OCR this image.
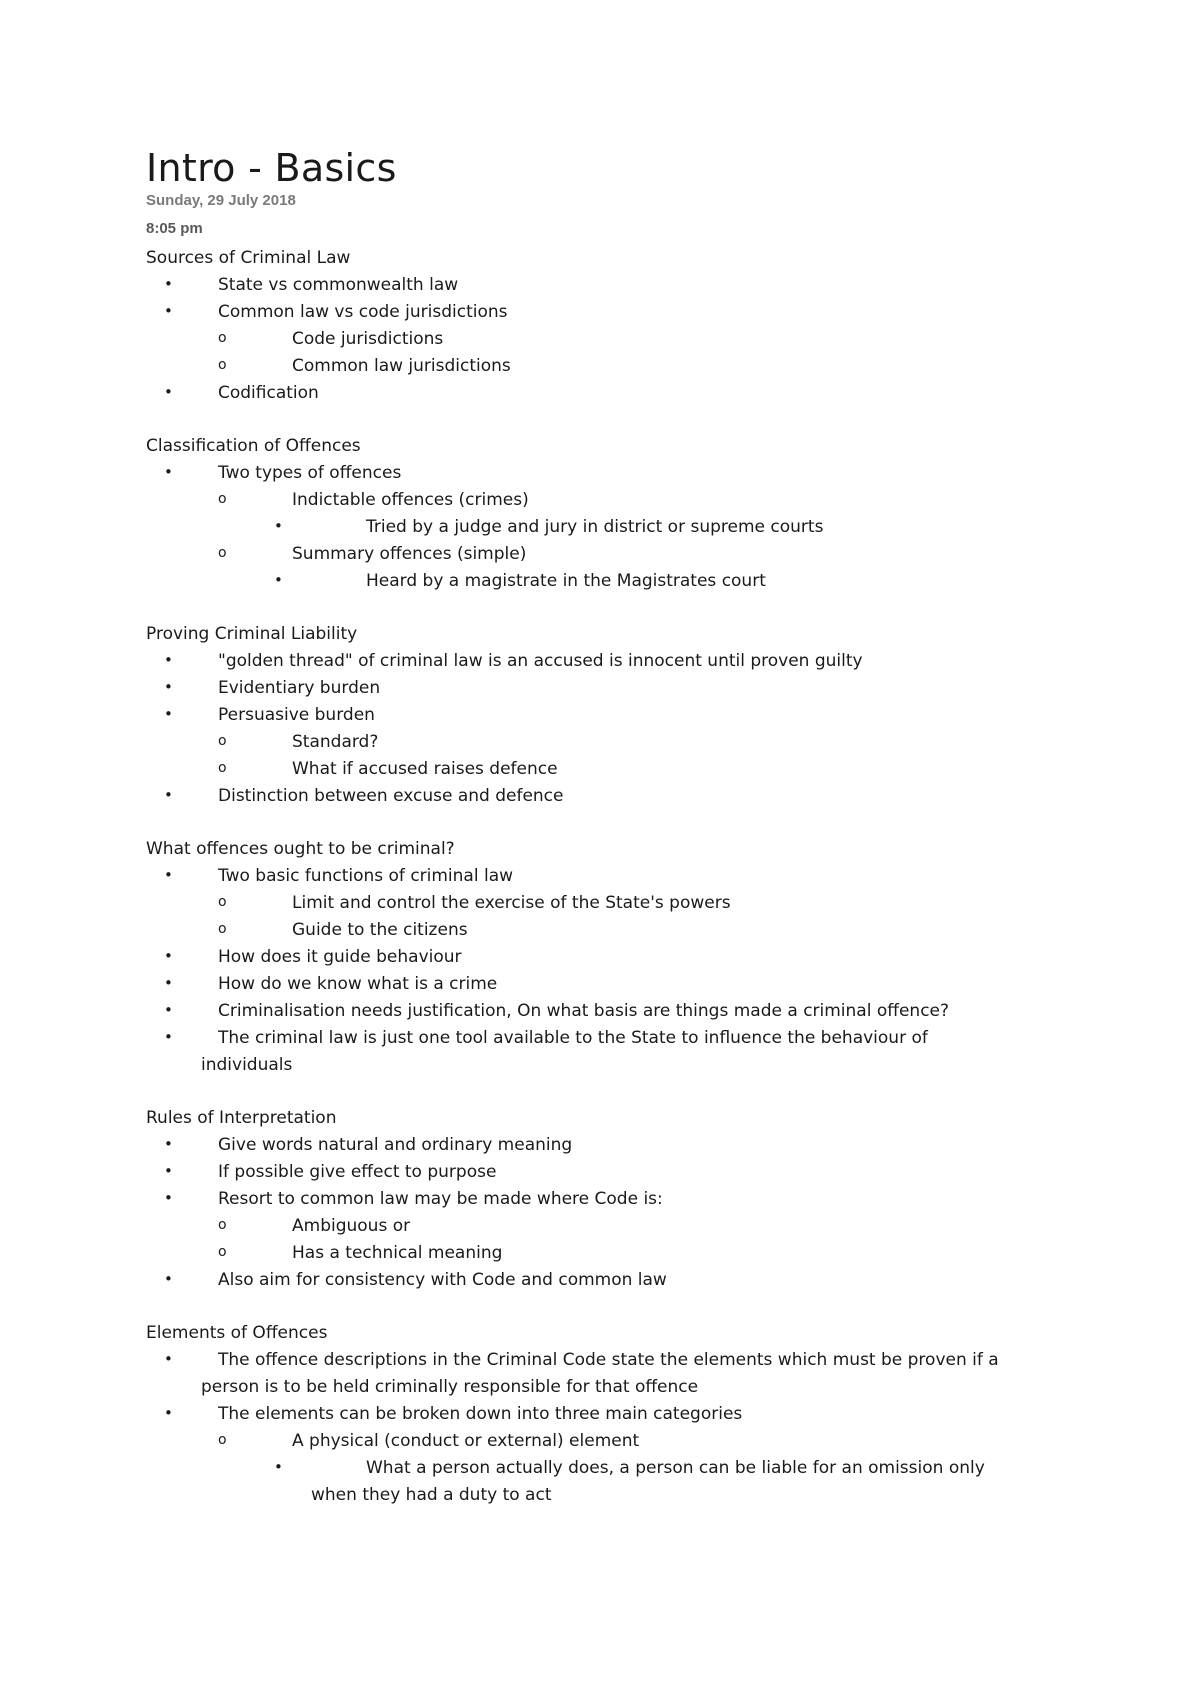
Intro - Basics
Sunday, 29 July 2018
8:05 pm
Sources of Criminal Law
•	State vs commonwealth law
•	Common law vs code jurisdictions
o	Code jurisdictions
o	Common law jurisdictions
•	Codification
Classification of Offences
•	Two types of offences
o	Indictable offences (crimes)
•	Tried by a judge and jury in district or supreme courts
o	Summary offences (simple)
•	Heard by a magistrate in the Magistrates court
Proving Criminal Liability
•	"golden thread" of criminal law is an accused is innocent until proven guilty
•	Evidentiary burden
•	Persuasive burden
o	Standard?
o	What if accused raises defence
•	Distinction between excuse and defence
What offences ought to be criminal?
•	Two basic functions of criminal law
o	Limit and control the exercise of the State's powers
o	Guide to the citizens
•	How does it guide behaviour
•	How do we know what is a crime
•	Criminalisation needs justification, On what basis are things made a criminal offence?
•	The criminal law is just one tool available to the State to influence the behaviour of
individuals
Rules of Interpretation
•	Give words natural and ordinary meaning
•	If possible give effect to purpose
•	Resort to common law may be made where Code is:
o	Ambiguous or
o	Has a technical meaning
•	Also aim for consistency with Code and common law
Elements of Offences
•	The offence descriptions in the Criminal Code state the elements which must be proven if a
person is to be held criminally responsible for that offence
•	The elements can be broken down into three main categories
o	A physical (conduct or external) element
•	What a person actually does, a person can be liable for an omission only
when they had a duty to act
